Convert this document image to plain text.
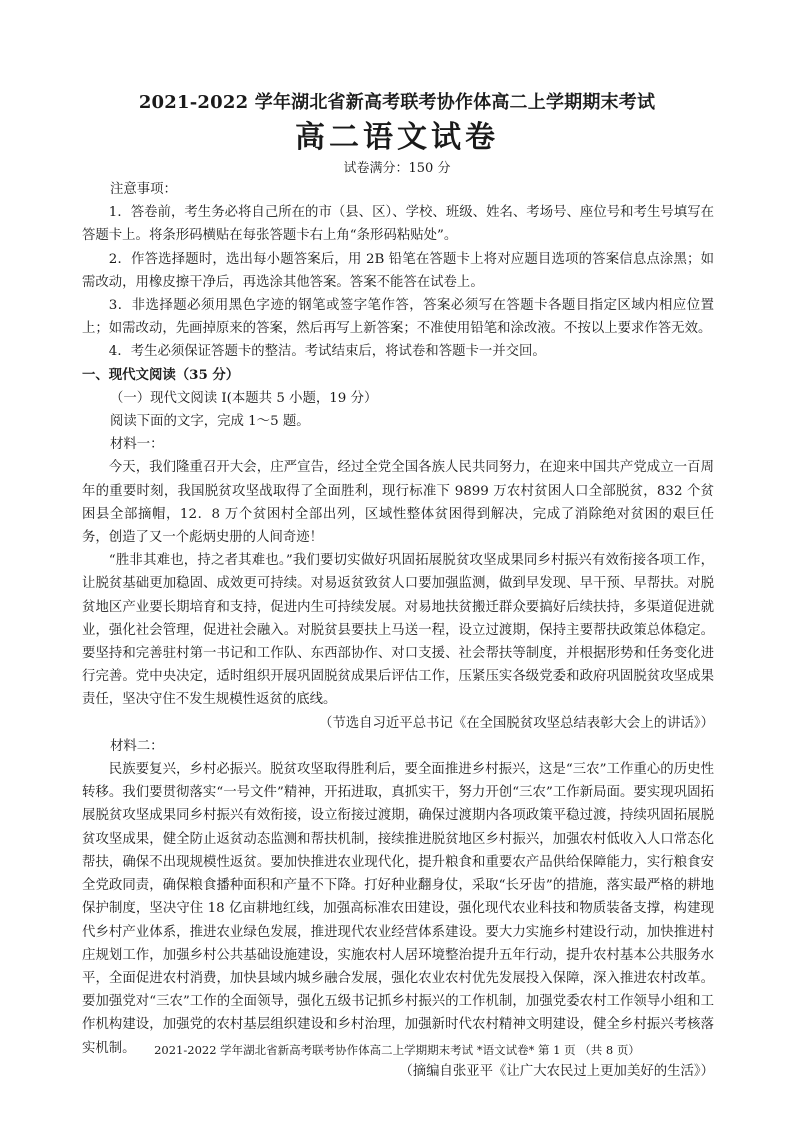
2021-2022 学年湖北省新高考联考协作体高二上学期期末考试
高二语文试卷
试卷满分：150 分

注意事项：

1．答卷前，考生务必将自己所在的市（县、区）、学校、班级、姓名、考场号、座位号和考生号填写在答题卡上。将条形码横贴在每张答题卡右上角“条形码粘贴处”。

2．作答选择题时，选出每小题答案后，用 2B 铅笔在答题卡上将对应题目选项的答案信息点涂黑；如需改动，用橡皮擦干净后，再选涂其他答案。答案不能答在试卷上。

3．非选择题必须用黑色字迹的钢笔或签字笔作答，答案必须写在答题卡各题目指定区域内相应位置上；如需改动，先画掉原来的答案，然后再写上新答案；不准使用铅笔和涂改液。不按以上要求作答无效。

4．考生必须保证答题卡的整洁。考试结束后，将试卷和答题卡一并交回。

一、现代文阅读（35 分）

（一）现代文阅读 I(本题共 5 小题，19 分）

阅读下面的文字，完成 1～5 题。

材料一：

今天，我们隆重召开大会，庄严宣告，经过全党全国各族人民共同努力，在迎来中国共产党成立一百周年的重要时刻，我国脱贫攻坚战取得了全面胜利，现行标准下 9899 万农村贫困人口全部脱贫，832 个贫困县全部摘帽，12．8 万个贫困村全部出列，区域性整体贫困得到解决，完成了消除绝对贫困的艰巨任务，创造了又一个彪炳史册的人间奇迹！

“胜非其难也，持之者其难也。”我们要切实做好巩固拓展脱贫攻坚成果同乡村振兴有效衔接各项工作，让脱贫基础更加稳固、成效更可持续。对易返贫致贫人口要加强监测，做到早发现、早干预、早帮扶。对脱贫地区产业要长期培育和支持，促进内生可持续发展。对易地扶贫搬迁群众要搞好后续扶持，多渠道促进就业，强化社会管理，促进社会融入。对脱贫县要扶上马送一程，设立过渡期，保持主要帮扶政策总体稳定。要坚持和完善驻村第一书记和工作队、东西部协作、对口支援、社会帮扶等制度，并根据形势和任务变化进行完善。党中央决定，适时组织开展巩固脱贫成果后评估工作，压紧压实各级党委和政府巩固脱贫攻坚成果责任，坚决守住不发生规模性返贫的底线。

（节选自习近平总书记《在全国脱贫攻坚总结表彰大会上的讲话》）

材料二：

民族要复兴，乡村必振兴。脱贫攻坚取得胜利后，要全面推进乡村振兴，这是“三农”工作重心的历史性转移。我们要贯彻落实“一号文件”精神，开拓进取，真抓实干，努力开创“三农”工作新局面。要实现巩固拓展脱贫攻坚成果同乡村振兴有效衔接，设立衔接过渡期，确保过渡期内各项政策平稳过渡，持续巩固拓展脱贫攻坚成果，健全防止返贫动态监测和帮扶机制，接续推进脱贫地区乡村振兴，加强农村低收入人口常态化帮扶，确保不出现规模性返贫。要加快推进农业现代化，提升粮食和重要农产品供给保障能力，实行粮食安全党政同责，确保粮食播种面积和产量不下降。打好种业翻身仗，采取“长牙齿”的措施，落实最严格的耕地保护制度，坚决守住 18 亿亩耕地红线，加强高标准农田建设，强化现代农业科技和物质装备支撑，构建现代乡村产业体系，推进农业绿色发展，推进现代农业经营体系建设。要大力实施乡村建设行动，加快推进村庄规划工作，加强乡村公共基础设施建设，实施农村人居环境整治提升五年行动，提升农村基本公共服务水平，全面促进农村消费，加快县域内城乡融合发展，强化农业农村优先发展投入保障，深入推进农村改革。要加强党对“三农”工作的全面领导，强化五级书记抓乡村振兴的工作机制，加强党委农村工作领导小组和工作机构建设，加强党的农村基层组织建设和乡村治理，加强新时代农村精神文明建设，健全乡村振兴考核落实机制。

（摘编自张亚平《让广大农民过上更加美好的生活》）

2021-2022 学年湖北省新高考联考协作体高二上学期期末考试 *语文试卷* 第 1 页 （共 8 页）
